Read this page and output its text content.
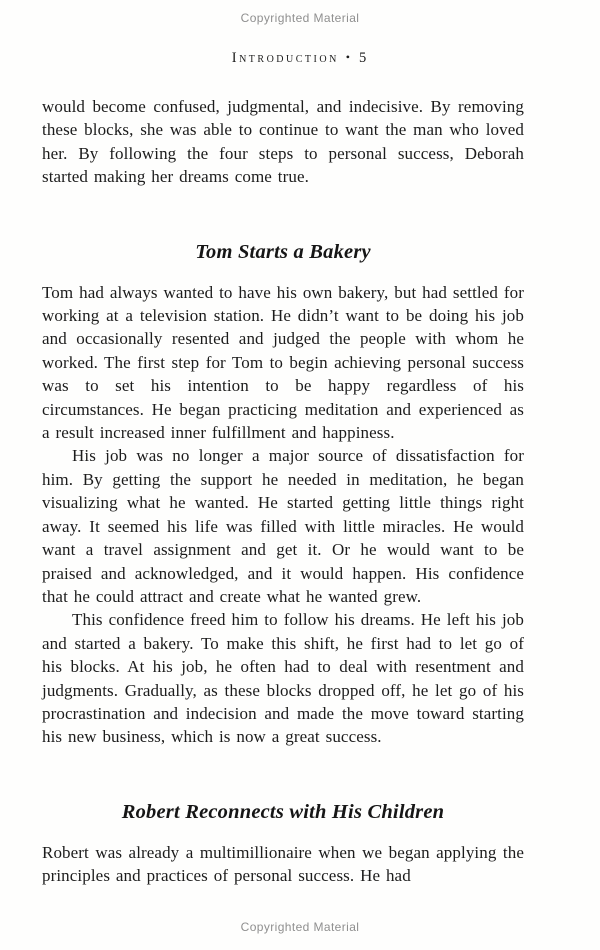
Copyrighted Material
Introduction • 5

would become confused, judgmental, and indecisive. By removing these blocks, she was able to continue to want the man who loved her. By following the four steps to personal success, Deborah started making her dreams come true.

Tom Starts a Bakery

Tom had always wanted to have his own bakery, but had settled for working at a television station. He didn’t want to be doing his job and occasionally resented and judged the people with whom he worked. The first step for Tom to begin achieving personal success was to set his intention to be happy regardless of his circumstances. He began practicing meditation and experienced as a result increased inner fulfillment and happiness.

His job was no longer a major source of dissatisfaction for him. By getting the support he needed in meditation, he began visualizing what he wanted. He started getting little things right away. It seemed his life was filled with little miracles. He would want a travel assignment and get it. Or he would want to be praised and acknowledged, and it would happen. His confidence that he could attract and create what he wanted grew.

This confidence freed him to follow his dreams. He left his job and started a bakery. To make this shift, he first had to let go of his blocks. At his job, he often had to deal with resentment and judgments. Gradually, as these blocks dropped off, he let go of his procrastination and indecision and made the move toward starting his new business, which is now a great success.

Robert Reconnects with His Children

Robert was already a multimillionaire when we began applying the principles and practices of personal success. He had

Copyrighted Material
